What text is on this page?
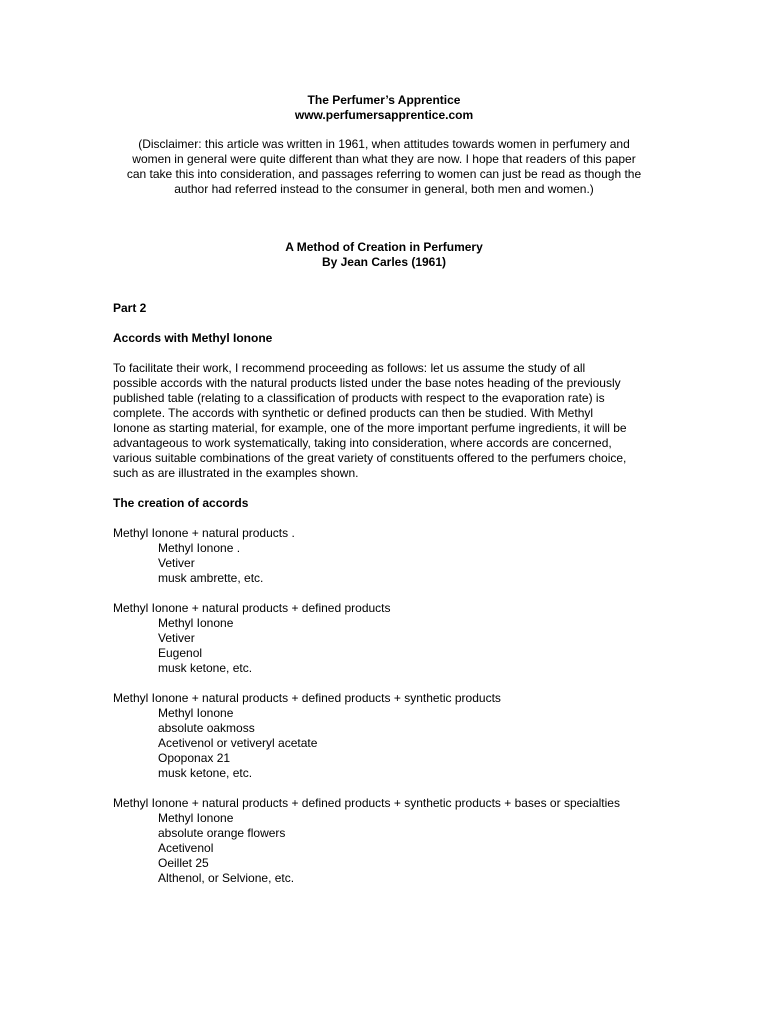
The Perfumer’s Apprentice
www.perfumersapprentice.com
(Disclaimer: this article was written in 1961, when attitudes towards women in perfumery and
women in general were quite different than what they are now. I hope that readers of this paper
can take this into consideration, and passages referring to women can just be read as though the
author had referred instead to the consumer in general, both men and women.)
A Method of Creation in Perfumery
By Jean Carles (1961)

Part 2

Accords with Methyl Ionone

To facilitate their work, I recommend proceeding as follows: let us assume the study of all
possible accords with the natural products listed under the base notes heading of the previously
published table (relating to a classification of products with respect to the evaporation rate) is
complete. The accords with synthetic or defined products can then be studied. With Methyl
Ionone as starting material, for example, one of the more important perfume ingredients, it will be
advantageous to work systematically, taking into consideration, where accords are concerned,
various suitable combinations of the great variety of constituents offered to the perfumers choice,
such as are illustrated in the examples shown.

The creation of accords

Methyl Ionone + natural products .

Methyl Ionone .

Vetiver

musk ambrette, etc.

Methyl Ionone + natural products + defined products

Methyl Ionone

Vetiver

Eugenol

musk ketone, etc.

Methyl Ionone + natural products + defined products + synthetic products

Methyl Ionone

absolute oakmoss

Acetivenol or vetiveryl acetate

Opoponax 21

musk ketone, etc.

Methyl Ionone + natural products + defined products + synthetic products + bases or specialties

Methyl Ionone

absolute orange flowers

Acetivenol

Oeillet 25

Althenol, or Selvione, etc.
